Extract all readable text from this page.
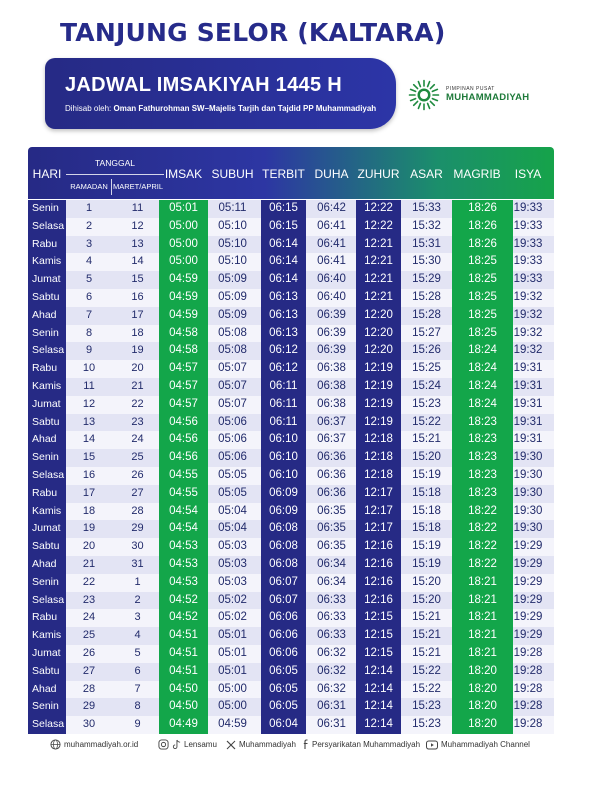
TANJUNG SELOR (KALTARA)
JADWAL IMSAKIYAH 1445 H
Dihisab oleh: Oman Fathurohman SW–Majelis Tarjih dan Tajdid PP Muhammadiyah
PIMPINAN PUSAT
MUHAMMADIYAH
HARI
TANGGAL
RAMADAN MARET/APRIL
IMSAK SUBUH TERBIT DUHA ZUHUR ASAR MAGRIB	ISYA
Senin	1	11	05:01	05:11	06:15	06:42	12:22	15:33	18:26	19:33
Selasa	2	12	05:00	05:10	06:15	06:41	12:22	15:32	18:26	19:33
Rabu	3	13	05:00	05:10	06:14	06:41	12:21	15:31	18:26	19:33
Kamis	4	14	05:00	05:10	06:14	06:41	12:21	15:30	18:25	19:33
Jumat	5	15	04:59	05:09	06:14	06:40	12:21	15:29	18:25	19:33
Sabtu	6	16	04:59	05:09	06:13	06:40	12:21	15:28	18:25	19:32
Ahad	7	17	04:59	05:09	06:13	06:39	12:20	15:28	18:25	19:32
Senin	8	18	04:58	05:08	06:13	06:39	12:20	15:27	18:25	19:32
Selasa	9	19	04:58	05:08	06:12	06:39	12:20	15:26	18:24	19:32
Rabu	10	20	04:57	05:07	06:12	06:38	12:19	15:25	18:24	19:31
Kamis	11	21	04:57	05:07	06:11	06:38	12:19	15:24	18:24	19:31
Jumat	12	22	04:57	05:07	06:11	06:38	12:19	15:23	18:24	19:31
Sabtu	13	23	04:56	05:06	06:11	06:37	12:19	15:22	18:23	19:31
Ahad	14	24	04:56	05:06	06:10	06:37	12:18	15:21	18:23	19:31
Senin	15	25	04:56	05:06	06:10	06:36	12:18	15:20	18:23	19:30
Selasa	16	26	04:55	05:05	06:10	06:36	12:18	15:19	18:23	19:30
Rabu	17	27	04:55	05:05	06:09	06:36	12:17	15:18	18:23	19:30
Kamis	18	28	04:54	05:04	06:09	06:35	12:17	15:18	18:22	19:30
Jumat	19	29	04:54	05:04	06:08	06:35	12:17	15:18	18:22	19:30
Sabtu	20	30	04:53	05:03	06:08	06:35	12:16	15:19	18:22	19:29
Ahad	21	31	04:53	05:03	06:08	06:34	12:16	15:19	18:22	19:29
Senin	22	1	04:53	05:03	06:07	06:34	12:16	15:20	18:21	19:29
Selasa	23	2	04:52	05:02	06:07	06:33	12:16	15:20	18:21	19:29
Rabu	24	3	04:52	05:02	06:06	06:33	12:15	15:21	18:21	19:29
Kamis	25	4	04:51	05:01	06:06	06:33	12:15	15:21	18:21	19:29
Jumat	26	5	04:51	05:01	06:06	06:32	12:15	15:21	18:21	19:28
Sabtu	27	6	04:51	05:01	06:05	06:32	12:14	15:22	18:20	19:28
Ahad	28	7	04:50	05:00	06:05	06:32	12:14	15:22	18:20	19:28
Senin	29	8	04:50	05:00	06:05	06:31	12:14	15:23	18:20	19:28
Selasa	30	9	04:49	04:59	06:04	06:31	12:14	15:23	18:20	19:28
muhammadiyah.or.id	Lensamu	Muhammadiyah	Persyarikatan Muhammadiyah	Muhammadiyah Channel
